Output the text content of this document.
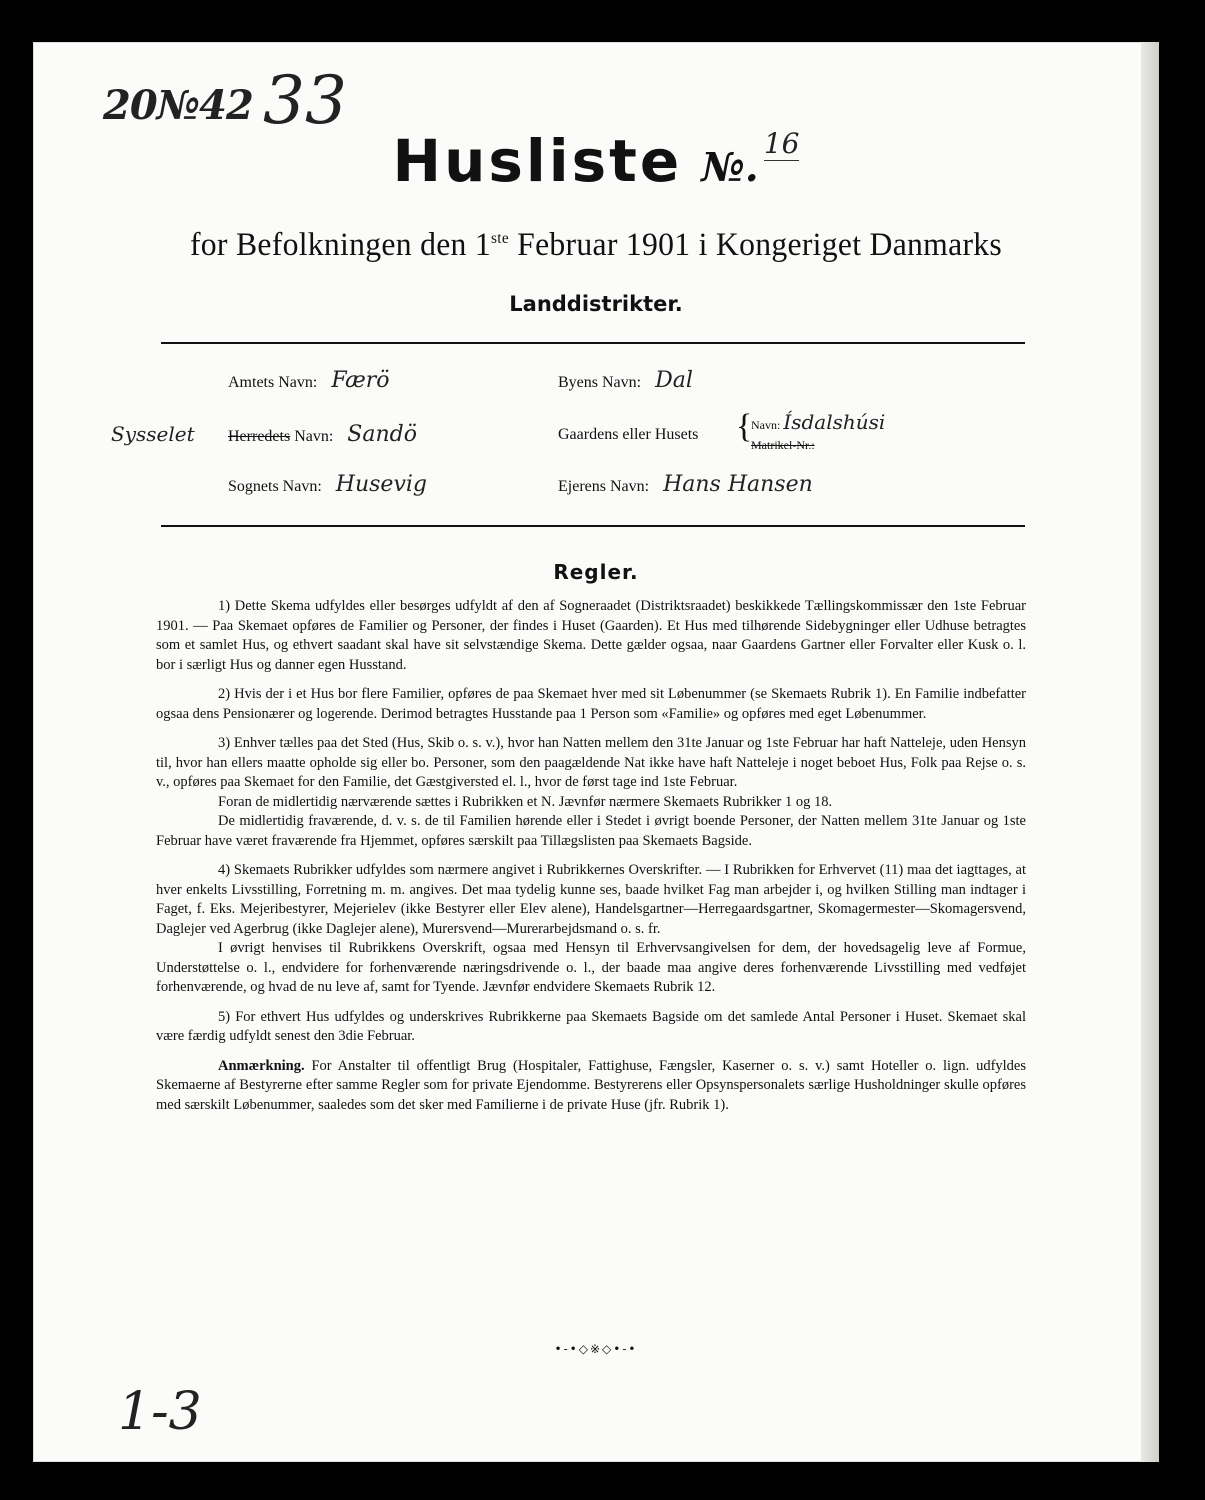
20№42 33
Husliste №. 16
for Befolkningen den 1ste Februar 1901 i Kongeriget Danmarks
Landdistrikter.
Amtets Navn: Færö	Byens Navn: Dal
Sysselet Herredets Navn: Sandö	Gaardens eller Husets {
Navn: Ísdalshúsi
Matrikel-Nr.:
Sognets Navn: Husevig	Ejerens Navn: Hans Hansen
Regler.

1) Dette Skema udfyldes eller besørges udfyldt af den af Sogneraadet (Distriktsraadet) beskikkede Tællingskommissær den 1ste Februar 1901. — Paa Skemaet opføres de Familier og Personer, der findes i Huset (Gaarden). Et Hus med tilhørende Sidebygninger eller Udhuse betragtes som et samlet Hus, og ethvert saadant skal have sit selvstændige Skema. Dette gælder ogsaa, naar Gaardens Gartner eller Forvalter eller Kusk o. l. bor i særligt Hus og danner egen Husstand.

2) Hvis der i et Hus bor flere Familier, opføres de paa Skemaet hver med sit Løbenummer (se Skemaets Rubrik 1). En Familie indbefatter ogsaa dens Pensionærer og logerende. Derimod betragtes Husstande paa 1 Person som «Familie» og opføres med eget Løbenummer.

3) Enhver tælles paa det Sted (Hus, Skib o. s. v.), hvor han Natten mellem den 31te Januar og 1ste Februar har haft Natteleje, uden Hensyn til, hvor han ellers maatte opholde sig eller bo. Personer, som den paagældende Nat ikke have haft Natteleje i noget beboet Hus, Folk paa Rejse o. s. v., opføres paa Skemaet for den Familie, det Gæstgiversted el. l., hvor de først tage ind 1ste Februar.

Foran de midlertidig nærværende sættes i Rubrikken et N. Jævnfør nærmere Skemaets Rubrikker 1 og 18.

De midlertidig fraværende, d. v. s. de til Familien hørende eller i Stedet i øvrigt boende Personer, der Natten mellem 31te Januar og 1ste Februar have været fraværende fra Hjemmet, opføres særskilt paa Tillægslisten paa Skemaets Bagside.

4) Skemaets Rubrikker udfyldes som nærmere angivet i Rubrikkernes Overskrifter. — I Rubrikken for Erhvervet (11) maa det iagttages, at hver enkelts Livsstilling, Forretning m. m. angives. Det maa tydelig kunne ses, baade hvilket Fag man arbejder i, og hvilken Stilling man indtager i Faget, f. Eks. Mejeribestyrer, Mejerielev (ikke Bestyrer eller Elev alene), Handelsgartner—Herregaardsgartner, Skomagermester—Skomagersvend, Daglejer ved Agerbrug (ikke Daglejer alene), Murersvend—Murerarbejdsmand o. s. fr.

I øvrigt henvises til Rubrikkens Overskrift, ogsaa med Hensyn til Erhvervsangivelsen for dem, der hovedsagelig leve af Formue, Understøttelse o. l., endvidere for forhenværende næringsdrivende o. l., der baade maa angive deres forhenværende Livsstilling med vedføjet forhenværende, og hvad de nu leve af, samt for Tyende. Jævnfør endvidere Skemaets Rubrik 12.

5) For ethvert Hus udfyldes og underskrives Rubrikkerne paa Skemaets Bagside om det samlede Antal Personer i Huset. Skemaet skal være færdig udfyldt senest den 3die Februar.

Anmærkning. For Anstalter til offentligt Brug (Hospitaler, Fattighuse, Fængsler, Kaserner o. s. v.) samt Hoteller o. lign. udfyldes Skemaerne af Bestyrerne efter samme Regler som for private Ejendomme. Bestyrerens eller Opsynspersonalets særlige Husholdninger skulle opføres med særskilt Løbenummer, saaledes som det sker med Familierne i de private Huse (jfr. Rubrik 1).

•-•◇※◇•-•
1-3
